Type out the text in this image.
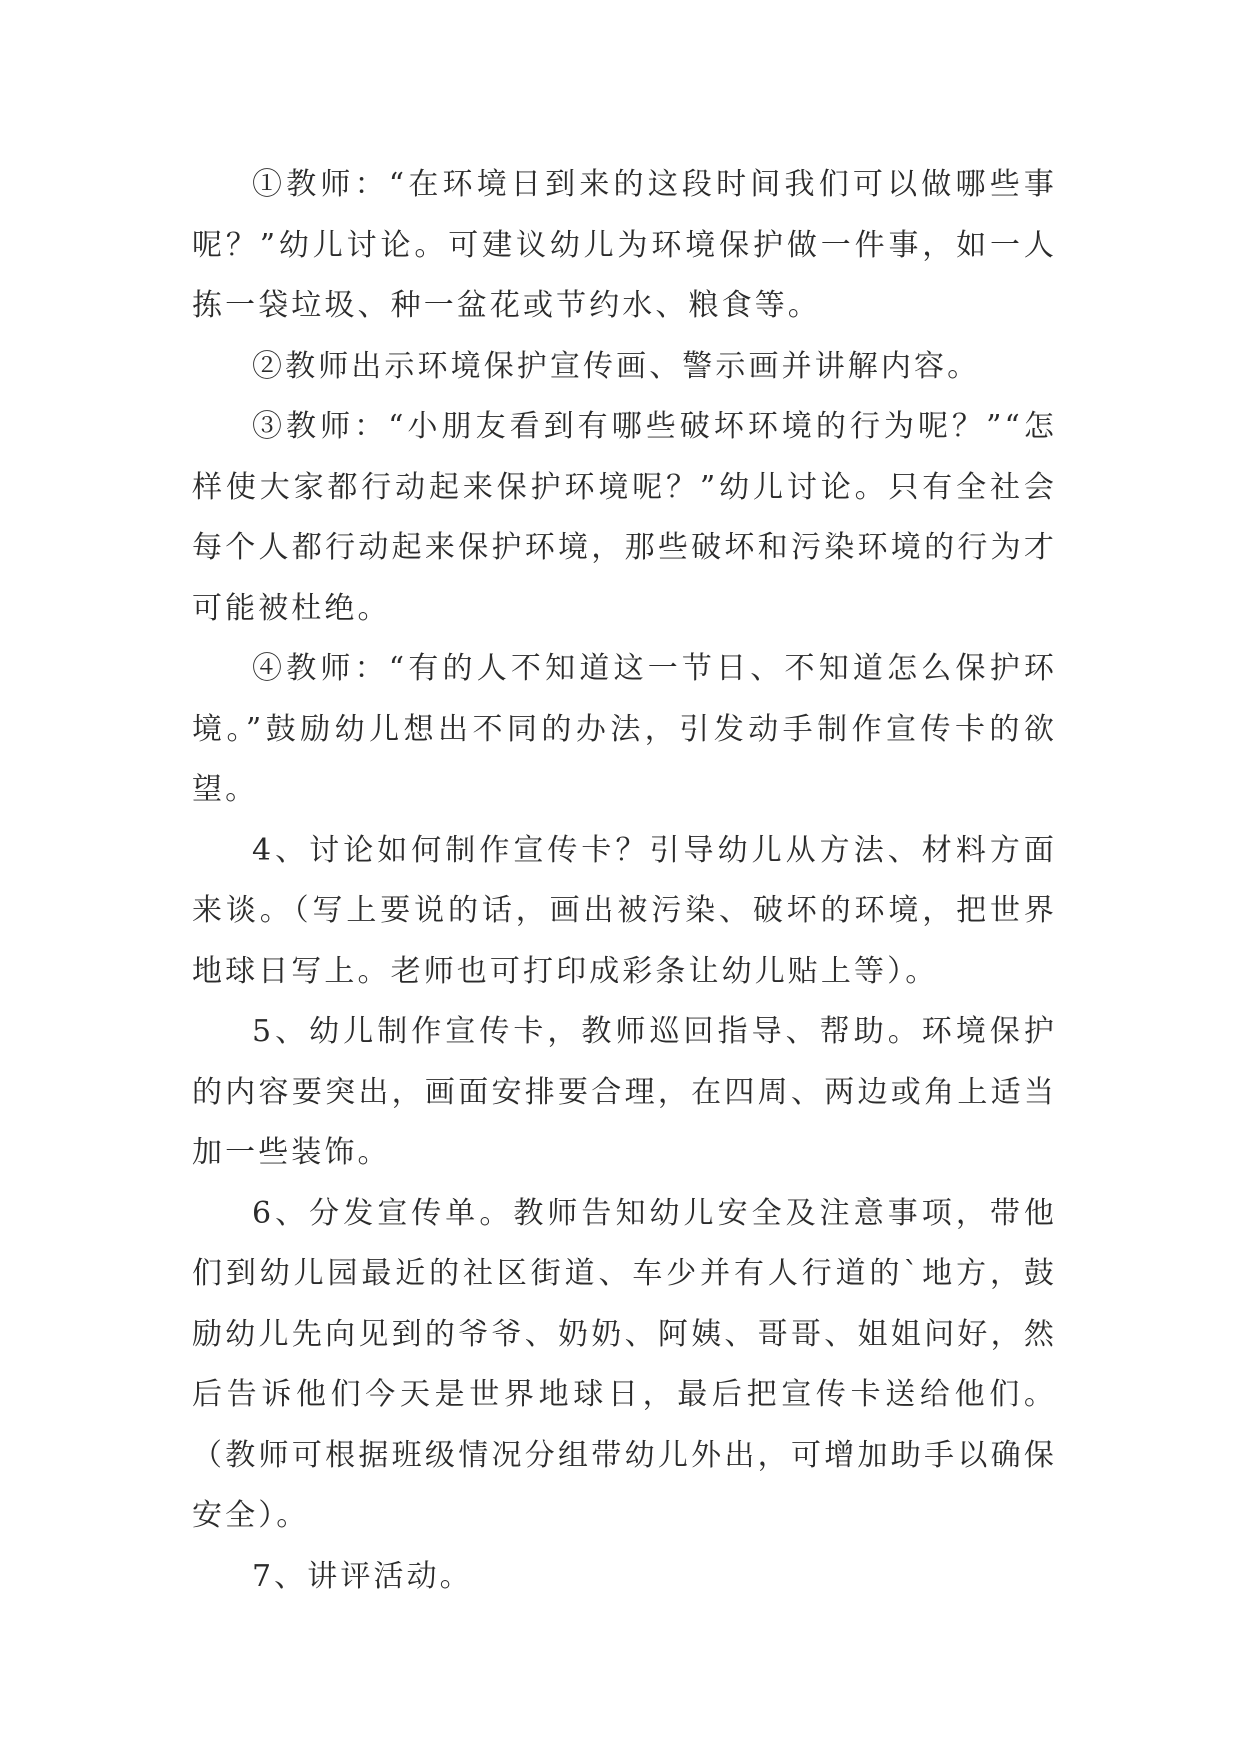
①教师：“在环境日到来的这段时间我们可以做哪些事呢？”幼儿讨论。可建议幼儿为环境保护做一件事，如一人拣一袋垃圾、种一盆花或节约水、粮食等。

②教师出示环境保护宣传画、警示画并讲解内容。

③教师：“小朋友看到有哪些破坏环境的行为呢？”“怎样使大家都行动起来保护环境呢？”幼儿讨论。只有全社会每个人都行动起来保护环境，那些破坏和污染环境的行为才可能被杜绝。

④教师：“有的人不知道这一节日、不知道怎么保护环境。”鼓励幼儿想出不同的办法，引发动手制作宣传卡的欲望。

4、讨论如何制作宣传卡？引导幼儿从方法、材料方面来谈。（写上要说的话，画出被污染、破坏的环境，把世界地球日写上。老师也可打印成彩条让幼儿贴上等）。

5、幼儿制作宣传卡，教师巡回指导、帮助。环境保护的内容要突出，画面安排要合理，在四周、两边或角上适当加一些装饰。

6、分发宣传单。教师告知幼儿安全及注意事项，带他们到幼儿园最近的社区街道、车少并有人行道的`地方，鼓励幼儿先向见到的爷爷、奶奶、阿姨、哥哥、姐姐问好，然后告诉他们今天是世界地球日，最后把宣传卡送给他们。（教师可根据班级情况分组带幼儿外出，可增加助手以确保安全）。

7、讲评活动。
